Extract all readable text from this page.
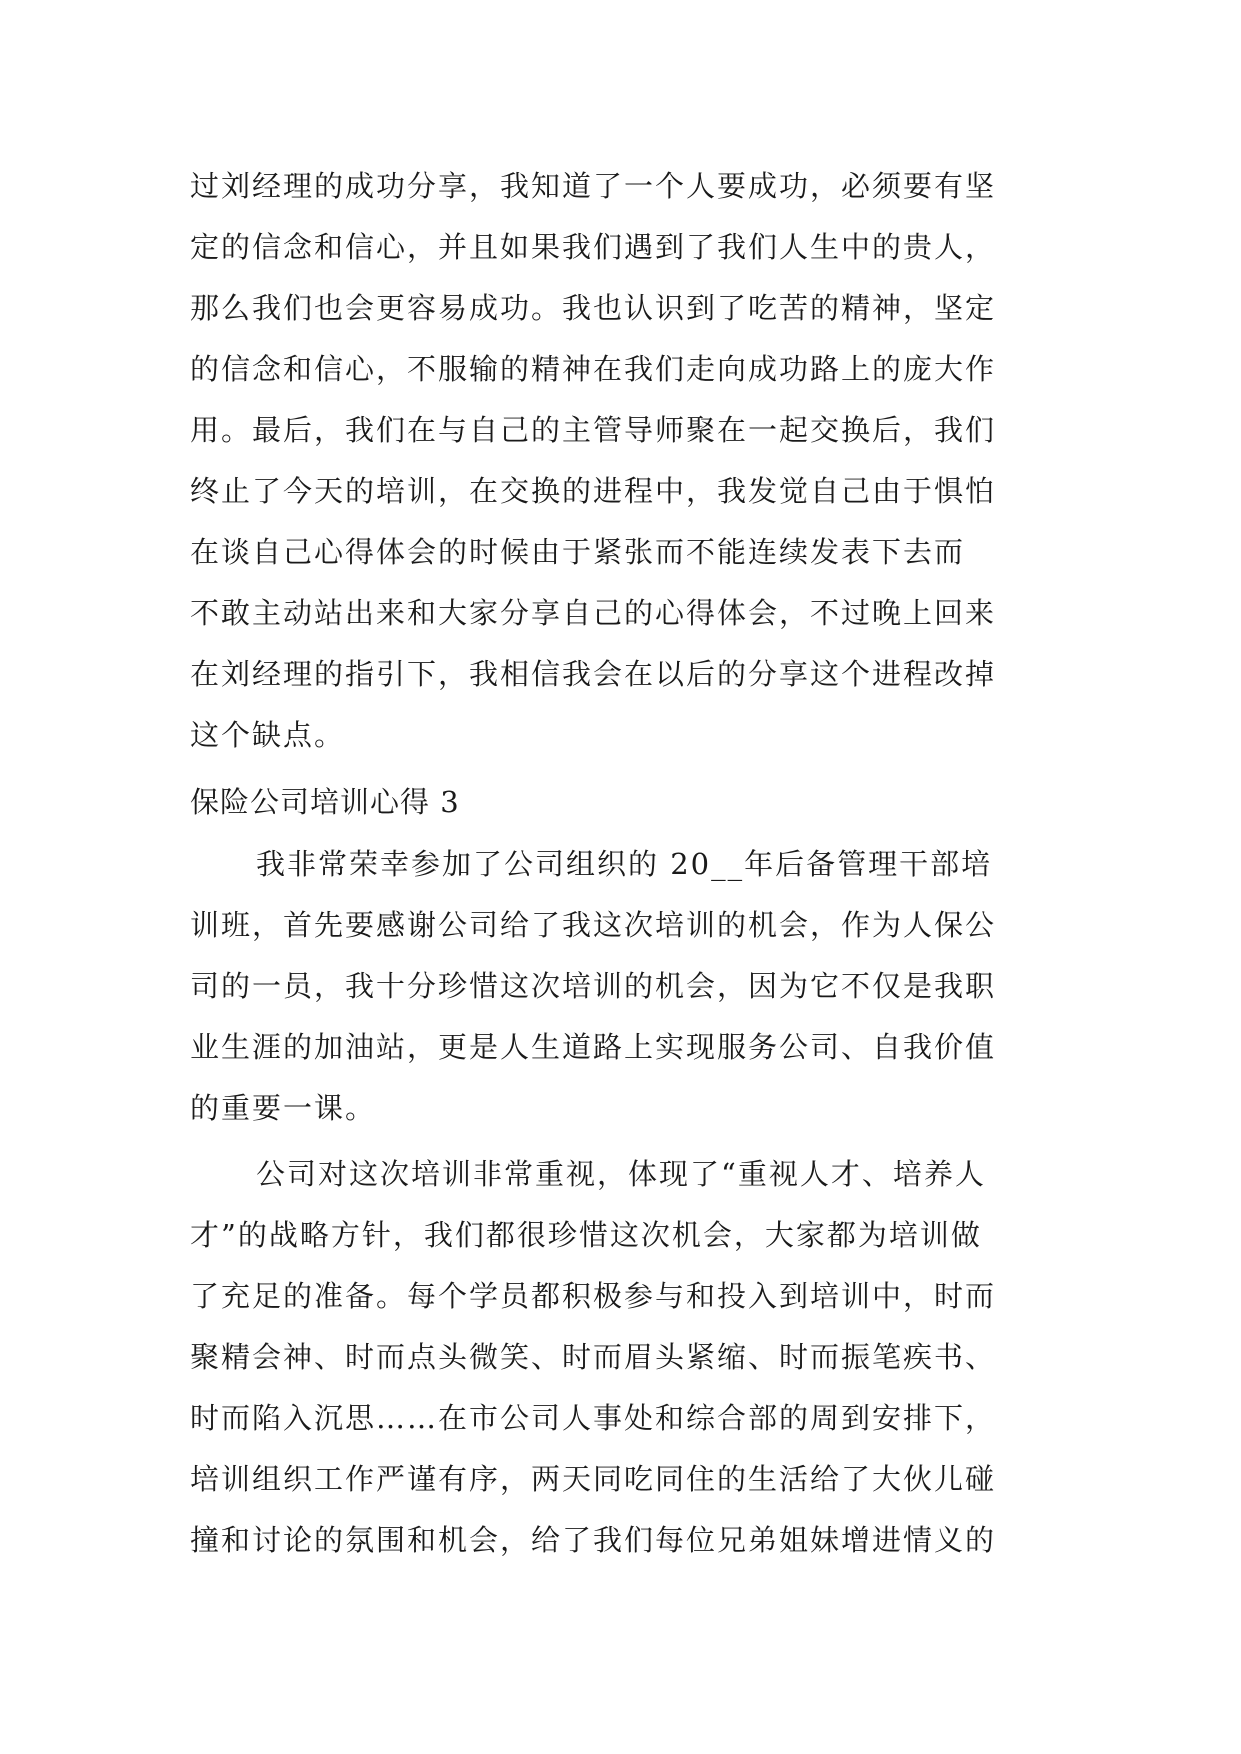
过刘经理的成功分享，我知道了一个人要成功，必须要有坚
定的信念和信心，并且如果我们遇到了我们人生中的贵人，
那么我们也会更容易成功。我也认识到了吃苦的精神，坚定
的信念和信心，不服输的精神在我们走向成功路上的庞大作
用。最后，我们在与自己的主管导师聚在一起交换后，我们
终止了今天的培训，在交换的进程中，我发觉自己由于惧怕
在谈自己心得体会的时候由于紧张而不能连续发表下去而
不敢主动站出来和大家分享自己的心得体会，不过晚上回来
在刘经理的指引下，我相信我会在以后的分享这个进程改掉
这个缺点。
保险公司培训心得 3
我非常荣幸参加了公司组织的 20__年后备管理干部培
训班，首先要感谢公司给了我这次培训的机会，作为人保公
司的一员，我十分珍惜这次培训的机会，因为它不仅是我职
业生涯的加油站，更是人生道路上实现服务公司、自我价值
的重要一课。
公司对这次培训非常重视，体现了“重视人才、培养人
才”的战略方针，我们都很珍惜这次机会，大家都为培训做
了充足的准备。每个学员都积极参与和投入到培训中，时而
聚精会神、时而点头微笑、时而眉头紧缩、时而振笔疾书、
时而陷入沉思……在市公司人事处和综合部的周到安排下，
培训组织工作严谨有序，两天同吃同住的生活给了大伙儿碰
撞和讨论的氛围和机会，给了我们每位兄弟姐妹增进情义的
